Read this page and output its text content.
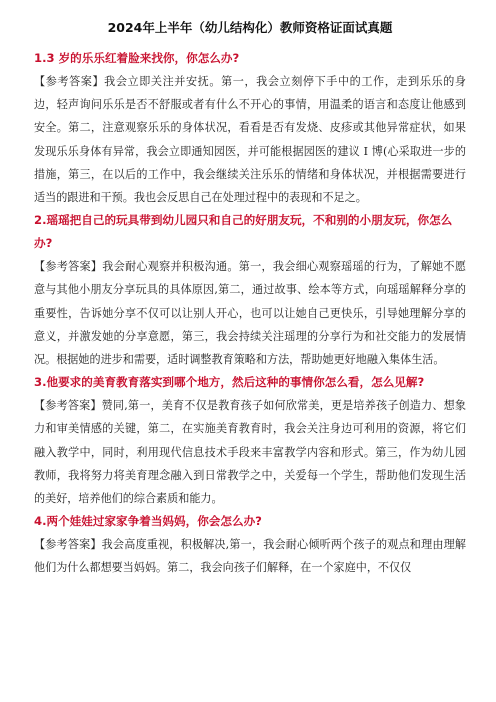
2024年上半年（幼儿结构化）教师资格证面试真题

1.3 岁的乐乐红着脸来找你，你怎么办?

【参考答案】我会立即关注并安抚。第一，我会立刻停下手中的工作，走到乐乐的身边，轻声询问乐乐是否不舒服或者有什么不开心的事情，用温柔的语言和态度让他感到安全。第二，注意观察乐乐的身体状况，看看是否有发烧、皮疹或其他异常症状，如果发现乐乐身体有异常，我会立即通知园医，并可能根据园医的建议 I 博(心采取进一步的措施，第三，在以后的工作中，我会继续关注乐乐的情绪和身体状况，并根据需要进行适当的跟进和干预。我也会反思自己在处理过程中的表现和不足之。

2.瑶瑶把自己的玩具带到幼儿园只和自己的好朋友玩，不和别的小朋友玩，你怎么办?

【参考答案】我会耐心观察并积极沟通。第一，我会细心观察瑶瑶的行为，了解她不愿意与其他小朋友分享玩具的具体原因,第二，通过故事、绘本等方式，向瑶瑶解释分享的重要性，告诉她分享不仅可以让别人开心，也可以让她自己更快乐，引导她理解分享的意义，并激发她的分享意愿，第三，我会持续关注瑶理的分享行为和社交能力的发展情况。根据她的进步和需要，适时调整教育策略和方法，帮助她更好地融入集体生活。

3.他要求的美育教育落实到哪个地方，然后这种的事情你怎么看，怎么见解?

【参考答案】赞同,第一，美育不仅是教育孩子如何欣常美，更是培养孩子创造力、想象力和审美情感的关键，第二，在实施美育教育时，我会关注身边可利用的资源，将它们融入教学中，同时，利用现代信息技术手段来丰富教学内容和形式。第三，作为幼儿园教师，我将努力将美育理念融入到日常教学之中，关爱每一个学生，帮助他们发现生活的美好，培养他们的综合素质和能力。

4.两个娃娃过家家争着当妈妈，你会怎么办?

【参考答案】我会高度重视，积极解决,第一，我会耐心倾听两个孩子的观点和理由理解他们为什么都想要当妈妈。第二，我会向孩子们解释，在一个家庭中，不仅仅
